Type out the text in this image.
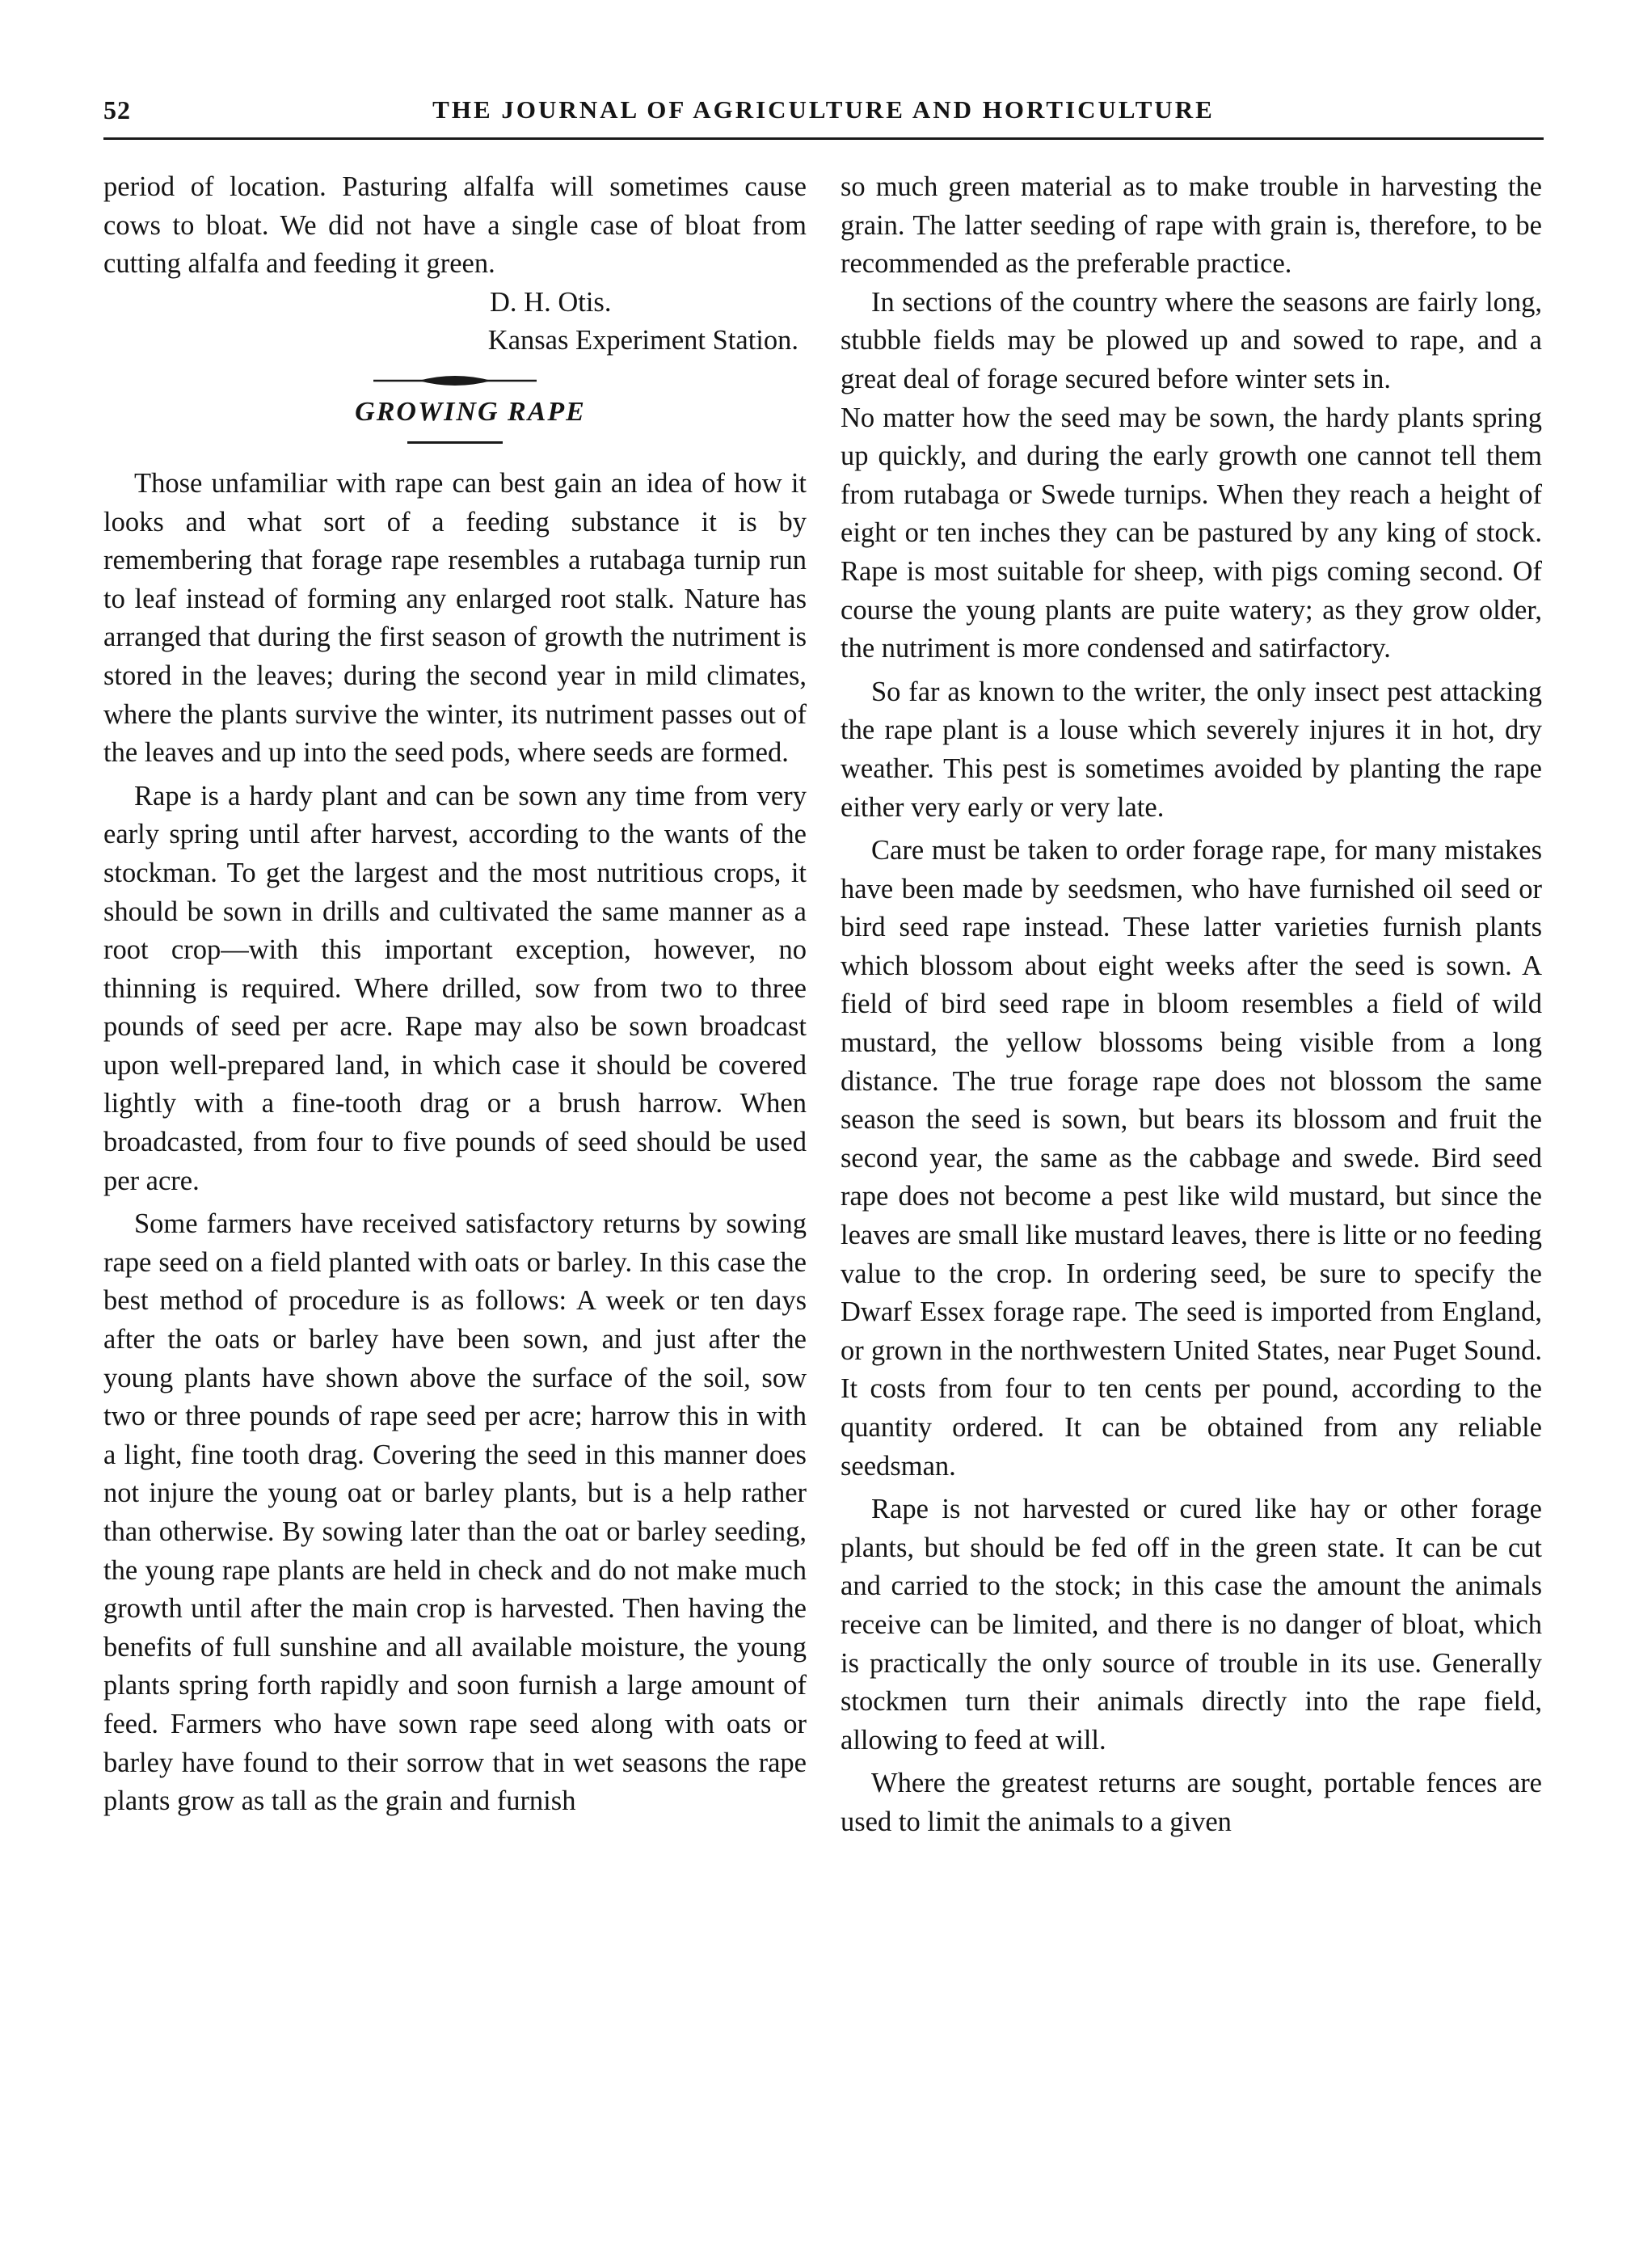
52	THE JOURNAL OF AGRICULTURE AND HORTICULTURE

period of location. Pasturing alfalfa will sometimes cause cows to bloat. We did not have a single case of bloat from cutting alfalfa and feeding it green.

D. H. Otis.

Kansas Experiment Station.

GROWING RAPE

Those unfamiliar with rape can best gain an idea of how it looks and what sort of a feeding substance it is by remembering that forage rape resembles a rutabaga turnip run to leaf instead of forming any enlarged root stalk. Nature has arranged that during the first season of growth the nutriment is stored in the leaves; during the second year in mild climates, where the plants survive the winter, its nutriment passes out of the leaves and up into the seed pods, where seeds are formed.

Rape is a hardy plant and can be sown any time from very early spring until after harvest, according to the wants of the stockman. To get the largest and the most nutritious crops, it should be sown in drills and cultivated the same manner as a root crop—with this important exception, however, no thinning is required. Where drilled, sow from two to three pounds of seed per acre. Rape may also be sown broadcast upon well-prepared land, in which case it should be covered lightly with a fine-tooth drag or a brush harrow. When broadcasted, from four to five pounds of seed should be used per acre.

Some farmers have received satisfactory returns by sowing rape seed on a field planted with oats or barley. In this case the best method of procedure is as follows: A week or ten days after the oats or barley have been sown, and just after the young plants have shown above the surface of the soil, sow two or three pounds of rape seed per acre; harrow this in with a light, fine tooth drag. Covering the seed in this manner does not injure the young oat or barley plants, but is a help rather than otherwise. By sowing later than the oat or barley seeding, the young rape plants are held in check and do not make much growth until after the main crop is harvested. Then having the benefits of full sunshine and all available moisture, the young plants spring forth rapidly and soon furnish a large amount of feed. Farmers who have sown rape seed along with oats or barley have found to their sorrow that in wet seasons the rape plants grow as tall as the grain and furnish

so much green material as to make trouble in harvesting the grain. The latter seeding of rape with grain is, therefore, to be recommended as the preferable practice.

In sections of the country where the seasons are fairly long, stubble fields may be plowed up and sowed to rape, and a great deal of forage secured before winter sets in.

No matter how the seed may be sown, the hardy plants spring up quickly, and during the early growth one cannot tell them from rutabaga or Swede turnips. When they reach a height of eight or ten inches they can be pastured by any king of stock. Rape is most suitable for sheep, with pigs coming second. Of course the young plants are puite watery; as they grow older, the nutriment is more condensed and satirfactory.

So far as known to the writer, the only insect pest attacking the rape plant is a louse which severely injures it in hot, dry weather. This pest is sometimes avoided by planting the rape either very early or very late.

Care must be taken to order forage rape, for many mistakes have been made by seedsmen, who have furnished oil seed or bird seed rape instead. These latter varieties furnish plants which blossom about eight weeks after the seed is sown. A field of bird seed rape in bloom resembles a field of wild mustard, the yellow blossoms being visible from a long distance. The true forage rape does not blossom the same season the seed is sown, but bears its blossom and fruit the second year, the same as the cabbage and swede. Bird seed rape does not become a pest like wild mustard, but since the leaves are small like mustard leaves, there is litte or no feeding value to the crop. In ordering seed, be sure to specify the Dwarf Essex forage rape. The seed is imported from England, or grown in the northwestern United States, near Puget Sound. It costs from four to ten cents per pound, according to the quantity ordered. It can be obtained from any reliable seedsman.

Rape is not harvested or cured like hay or other forage plants, but should be fed off in the green state. It can be cut and carried to the stock; in this case the amount the animals receive can be limited, and there is no danger of bloat, which is practically the only source of trouble in its use. Generally stockmen turn their animals directly into the rape field, allowing to feed at will.

Where the greatest returns are sought, portable fences are used to limit the animals to a given
